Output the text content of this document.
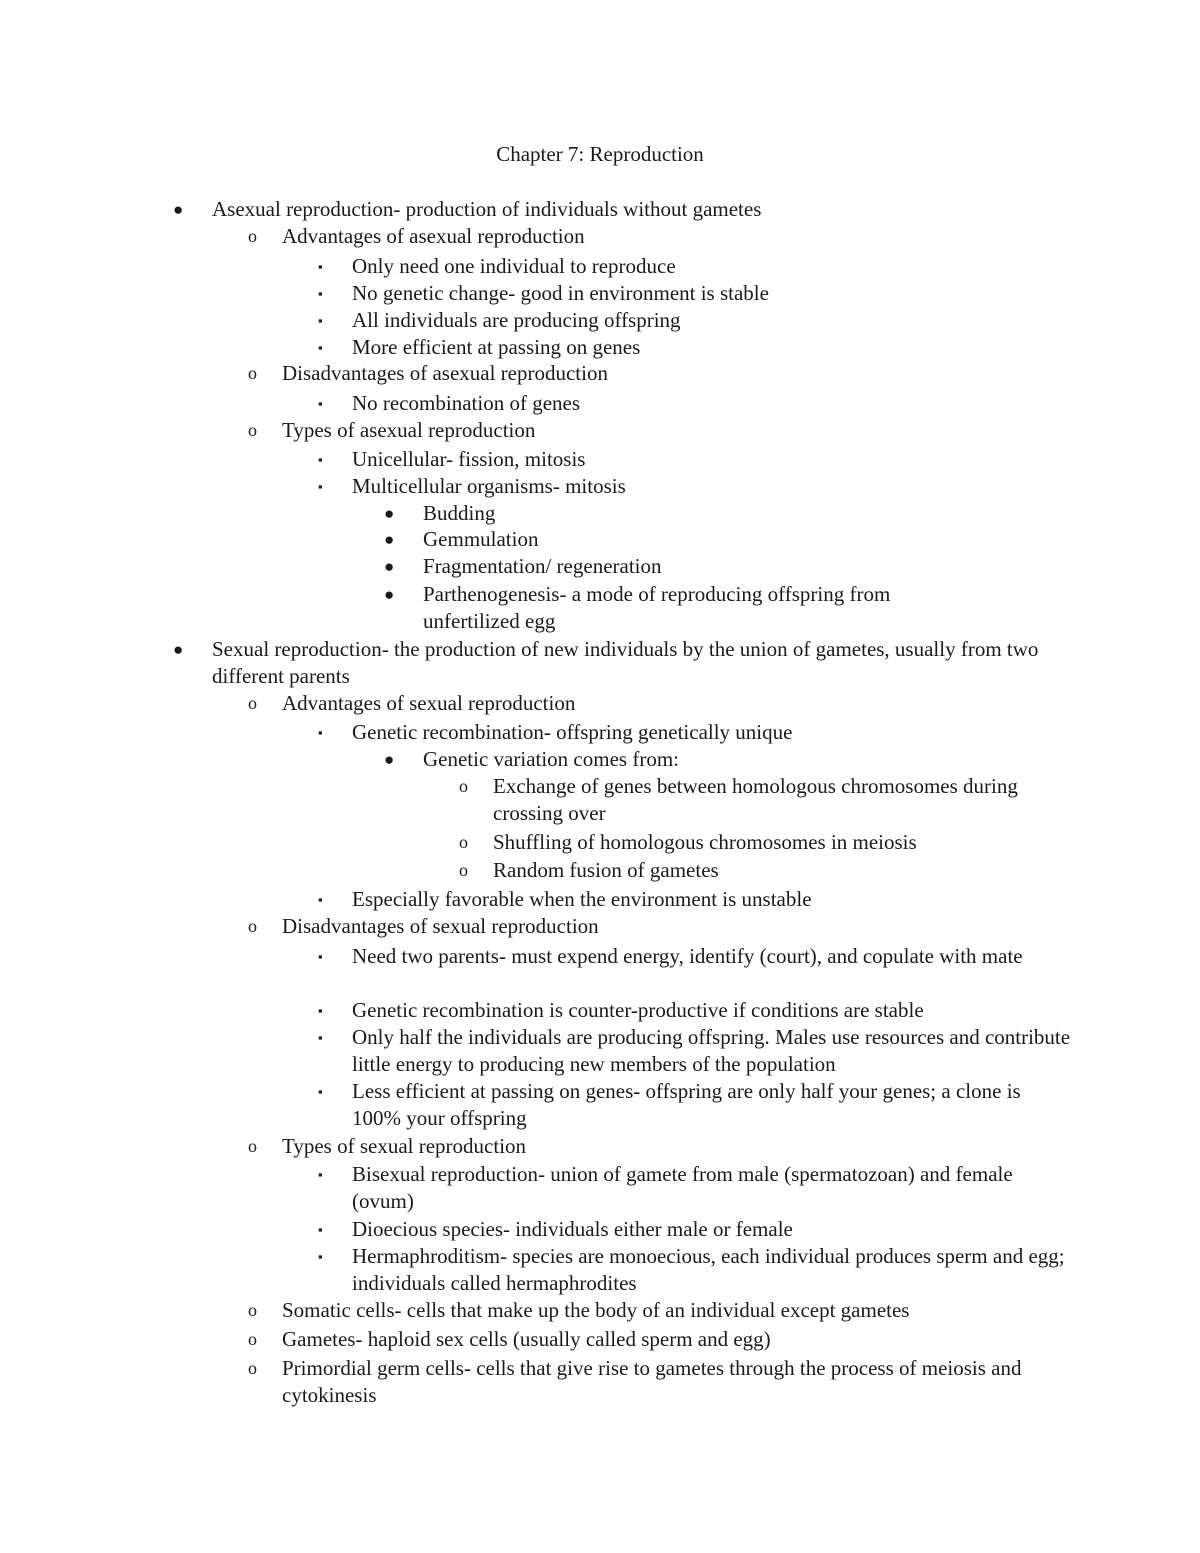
Chapter 7: Reproduction
● Asexual reproduction- production of individuals without gametes
o Advantages of asexual reproduction
▪ Only need one individual to reproduce
▪ No genetic change- good in environment is stable
▪ All individuals are producing offspring
▪ More efficient at passing on genes
o Disadvantages of asexual reproduction
▪ No recombination of genes
o Types of asexual reproduction
▪ Unicellular- fission, mitosis
▪ Multicellular organisms- mitosis
● Budding
● Gemmulation
● Fragmentation/ regeneration
● Parthenogenesis- a mode of reproducing offspring from unfertilized egg
● Sexual reproduction- the production of new individuals by the union of gametes, usually from two different parents
o Advantages of sexual reproduction
▪ Genetic recombination- offspring genetically unique
● Genetic variation comes from:
o Exchange of genes between homologous chromosomes during crossing over
o Shuffling of homologous chromosomes in meiosis
o Random fusion of gametes
▪ Especially favorable when the environment is unstable
o Disadvantages of sexual reproduction
▪ Need two parents- must expend energy, identify (court), and copulate with mate
▪ Genetic recombination is counter-productive if conditions are stable
▪ Only half the individuals are producing offspring. Males use resources and contribute little energy to producing new members of the population
▪ Less efficient at passing on genes- offspring are only half your genes; a clone is 100% your offspring
o Types of sexual reproduction
▪ Bisexual reproduction- union of gamete from male (spermatozoan) and female (ovum)
▪ Dioecious species- individuals either male or female
▪ Hermaphroditism- species are monoecious, each individual produces sperm and egg; individuals called hermaphrodites
o Somatic cells- cells that make up the body of an individual except gametes
o Gametes- haploid sex cells (usually called sperm and egg)
o Primordial germ cells- cells that give rise to gametes through the process of meiosis and cytokinesis
